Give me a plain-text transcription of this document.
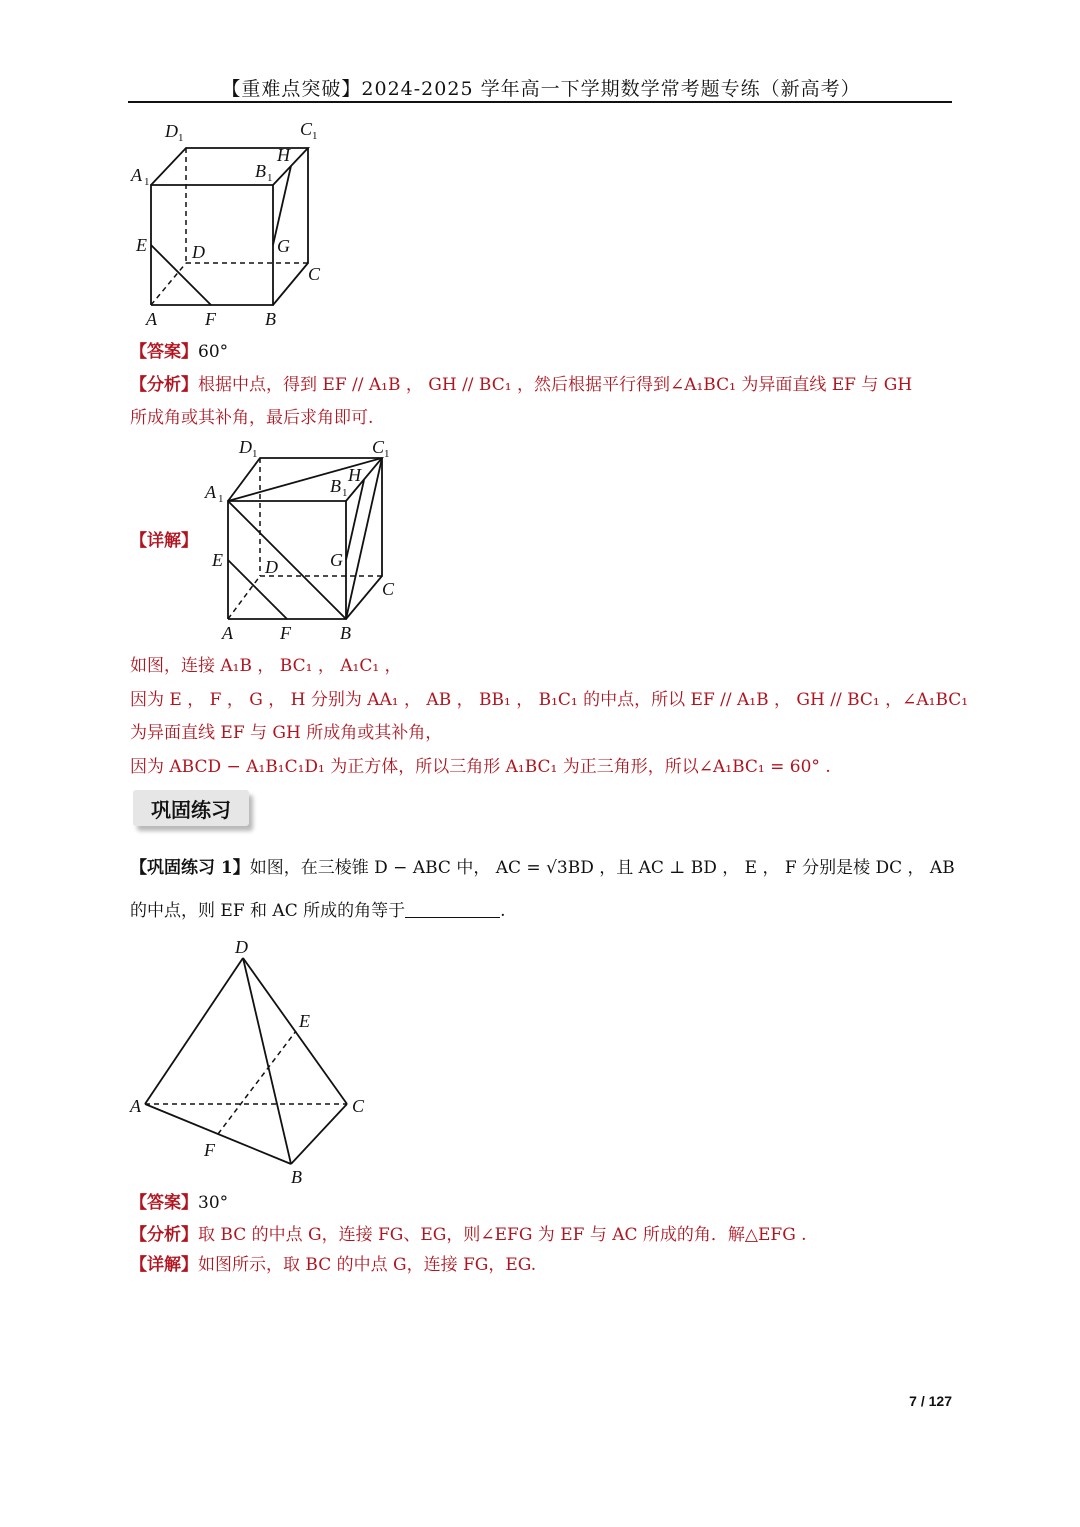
【重难点突破】2024-2025 学年高一下学期数学常考题专练（新高考）
D 1	C 1
A 1
B 1
H
E	D	G
C
A	F	B
【答案】60°
【分析】根据中点，得到 EF // A₁B ， GH // BC₁ ，然后根据平行得到∠A₁BC₁ 为异面直线 EF 与 GH
所成角或其补角，最后求角即可.
D 1	C 1
A 1
B 1
H
E D	G
C
A	F	B
【详解】
如图，连接 A₁B ， BC₁ ， A₁C₁ ，
因为 E ， F ， G ， H 分别为 AA₁ ， AB ， BB₁ ， B₁C₁ 的中点，所以 EF // A₁B ， GH // BC₁ ，∠A₁BC₁
为异面直线 EF 与 GH 所成角或其补角，
因为 ABCD − A₁B₁C₁D₁ 为正方体，所以三角形 A₁BC₁ 为正三角形，所以∠A₁BC₁ = 60° .
巩固练习
【巩固练习 1】如图，在三棱锥 D − ABC 中， AC = √3BD ，且 AC ⊥ BD ， E ， F 分别是棱 DC ， AB
的中点，则 EF 和 AC 所成的角等于	.
D
E
A	C
F
B
【答案】30°
【分析】取 BC 的中点 G，连接 FG、EG，则∠EFG 为 EF 与 AC 所成的角．解△EFG .
【详解】如图所示，取 BC 的中点 G，连接 FG，EG.
7 / 127
